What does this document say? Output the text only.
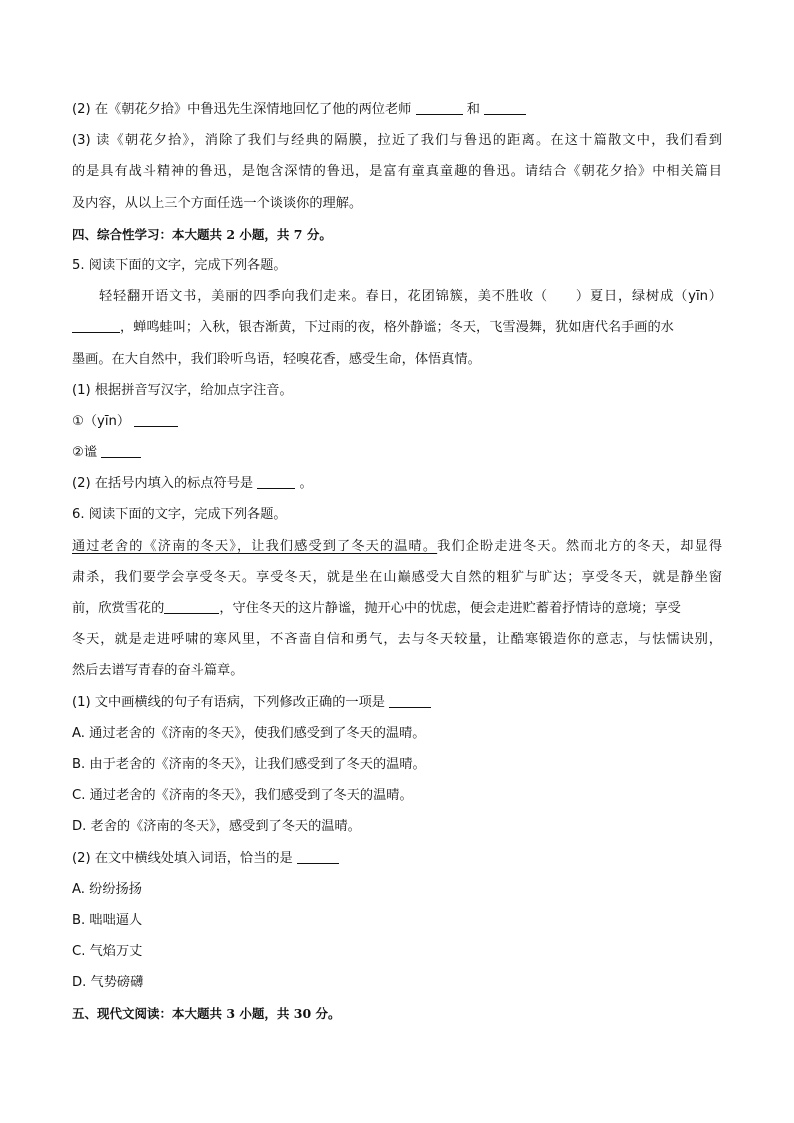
(2) 在《朝花夕拾》中鲁迅先生深情地回忆了他的两位老师	和
(3) 读《朝花夕拾》，消除了我们与经典的隔膜，拉近了我们与鲁迅的距离。在这十篇散文中，我们看到
的是具有战斗精神的鲁迅，是饱含深情的鲁迅，是富有童真童趣的鲁迅。请结合《朝花夕拾》中相关篇目
及内容，从以上三个方面任选一个谈谈你的理解。
四、综合性学习：本大题共 2 小题，共 7 分。
5. 阅读下面的文字，完成下列各题。
轻轻翻开语文书，美丽的四季向我们走来。春日，花团锦簇，美不胜收（　　）夏日，绿树成（yīn）
，蝉鸣蛙叫；入秋，银杏渐黄，下过雨的夜，格外静谧；冬天，飞雪漫舞，犹如唐代名手画的水
墨画。在大自然中，我们聆听鸟语，轻嗅花香，感受生命，体悟真情。
(1) 根据拼音写汉字，给加点字注音。
①（yīn）
②谧
(2) 在括号内填入的标点符号是	。
6. 阅读下面的文字，完成下列各题。
通过老舍的《济南的冬天》，让我们感受到了冬天的温晴。我们企盼走进冬天。然而北方的冬天，却显得
肃杀，我们要学会享受冬天。享受冬天，就是坐在山巅感受大自然的粗犷与旷达；享受冬天，就是静坐窗
前，欣赏雪花的	，守住冬天的这片静谧，抛开心中的忧虑，便会走进贮蓄着抒情诗的意境；享受
冬天，就是走进呼啸的寒风里，不吝啬自信和勇气，去与冬天较量，让酷寒锻造你的意志，与怯懦诀别，
然后去谱写青春的奋斗篇章。
(1) 文中画横线的句子有语病，下列修改正确的一项是
A. 通过老舍的《济南的冬天》，使我们感受到了冬天的温晴。
B. 由于老舍的《济南的冬天》，让我们感受到了冬天的温晴。
C. 通过老舍的《济南的冬天》，我们感受到了冬天的温晴。
D. 老舍的《济南的冬天》，感受到了冬天的温晴。
(2) 在文中横线处填入词语，恰当的是
A. 纷纷扬扬
B. 咄咄逼人
C. 气焰万丈
D. 气势磅礴
五、现代文阅读：本大题共 3 小题，共 30 分。
